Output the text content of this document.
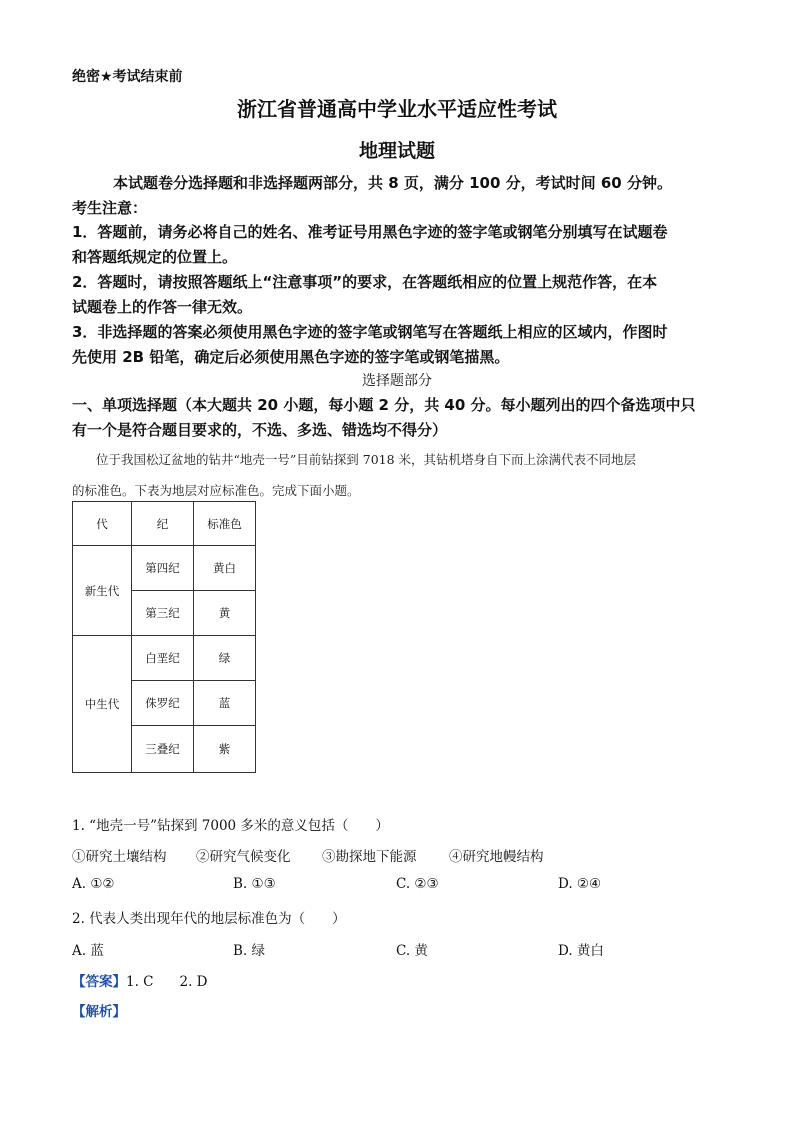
绝密★考试结束前
浙江省普通高中学业水平适应性考试
地理试题
本试题卷分选择题和非选择题两部分，共 8 页，满分 100 分，考试时间 60 分钟。
考生注意：
1．答题前，请务必将自己的姓名、准考证号用黑色字迹的签字笔或钢笔分别填写在试题卷
和答题纸规定的位置上。
2．答题时，请按照答题纸上“注意事项”的要求，在答题纸相应的位置上规范作答，在本
试题卷上的作答一律无效。
3．非选择题的答案必须使用黑色字迹的签字笔或钢笔写在答题纸上相应的区域内，作图时
先使用 2B 铅笔，确定后必须使用黑色字迹的签字笔或钢笔描黑。
选择题部分
一、单项选择题（本大题共 20 小题，每小题 2 分，共 40 分。每小题列出的四个备选项中只
有一个是符合题目要求的，不选、多选、错选均不得分）
位于我国松辽盆地的钻井“地壳一号”目前钻探到 7018 米，其钻机塔身自下而上涂满代表不同地层
的标准色。下表为地层对应标准色。完成下面小题。
代	纪	标准色
新生代	第四纪	黄白
	第三纪	黄
中生代	白垩纪	绿
	侏罗纪	蓝
	三叠纪	紫
1. “地壳一号”钻探到 7000 多米的意义包括（　　）
①研究土壤结构 ②研究气候变化 ③勘探地下能源 ④研究地幔结构
A. ①②	B. ①③	C. ②③	D. ②④
2. 代表人类出现年代的地层标准色为（　　）
A. 蓝	B. 绿	C. 黄	D. 黄白
【答案】1. C 2. D
【解析】
